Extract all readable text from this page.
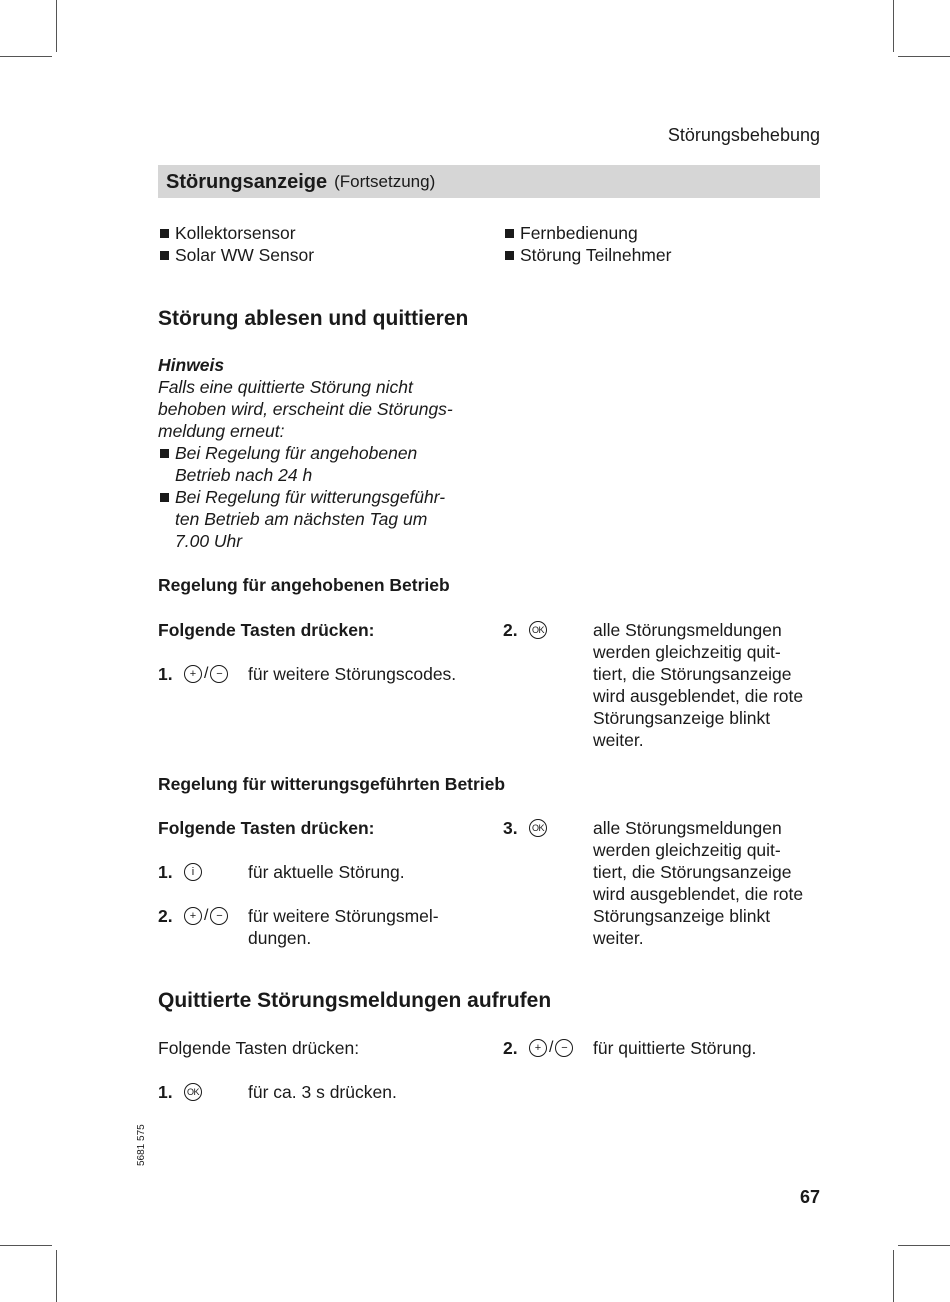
Störungsbehebung
Störungsanzeige (Fortsetzung)
Kollektorsensor
Solar WW Sensor
Fernbedienung
Störung Teilnehmer
Störung ablesen und quittieren
Hinweis
Falls eine quittierte Störung nicht
behoben wird, erscheint die Störungs-
meldung erneut:
Bei Regelung für angehobenen
Betrieb nach 24 h
Bei Regelung für witterungsgeführ-
ten Betrieb am nächsten Tag um
7.00 Uhr
Regelung für angehobenen Betrieb
Folgende Tasten drücken:
1.	+ / −	für weitere Störungscodes.
2.	OK	alle Störungsmeldungen
werden gleichzeitig quit-
tiert, die Störungsanzeige
wird ausgeblendet, die rote
Störungsanzeige blinkt
weiter.
Regelung für witterungsgeführten Betrieb
Folgende Tasten drücken:
1.	i	für aktuelle Störung.
2.	+ / −	für weitere Störungsmel-
dungen.
3.	OK	alle Störungsmeldungen
werden gleichzeitig quit-
tiert, die Störungsanzeige
wird ausgeblendet, die rote
Störungsanzeige blinkt
weiter.
Quittierte Störungsmeldungen aufrufen
Folgende Tasten drücken:
1.	OK	für ca. 3 s drücken.
2.	+ / −	für quittierte Störung.
5681 575
67
